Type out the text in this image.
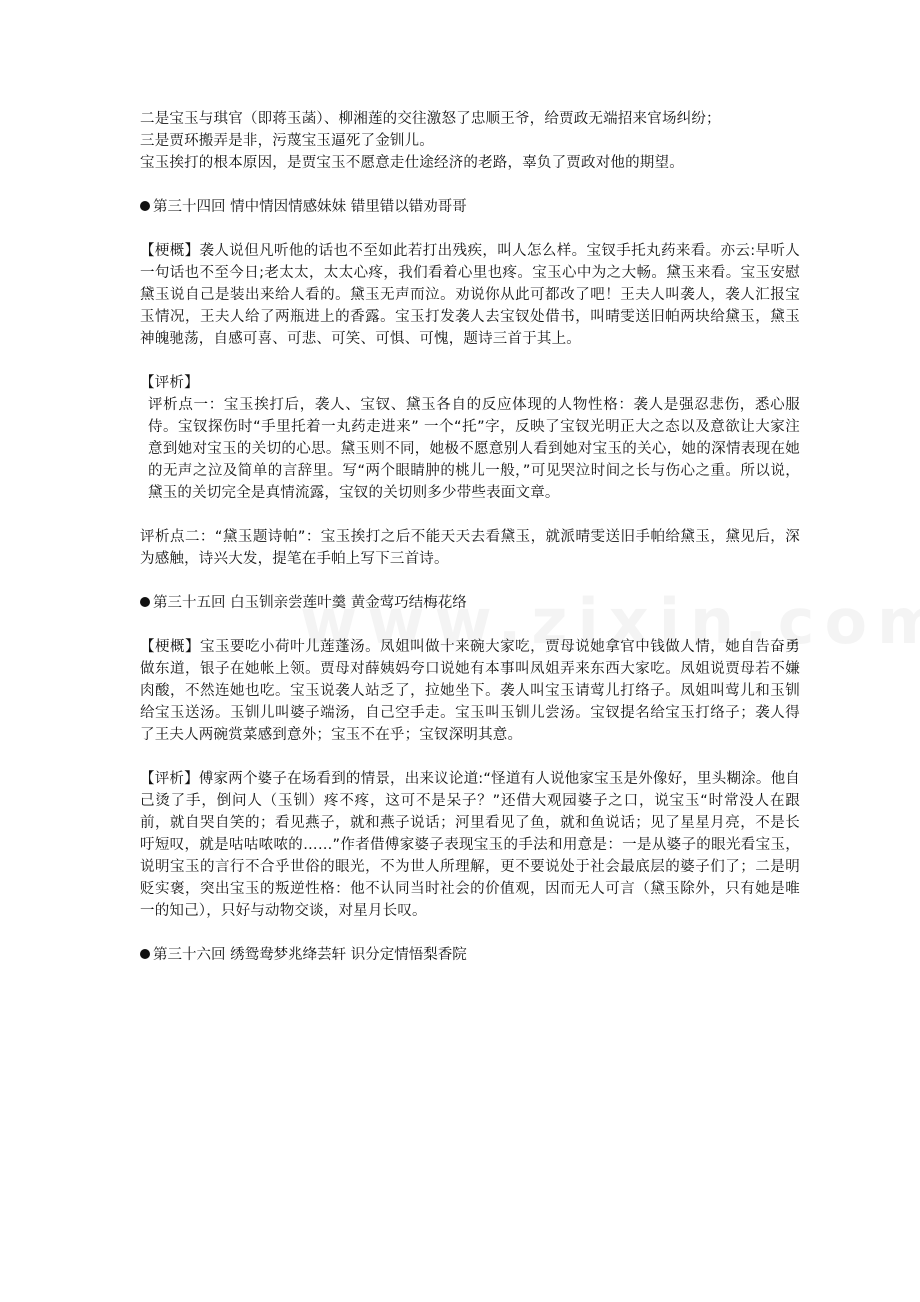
二是宝玉与琪官（即蒋玉菡）、柳湘莲的交往激怒了忠顺王爷，给贾政无端招来官场纠纷；

三是贾环搬弄是非，污蔑宝玉逼死了金钏儿。

宝玉挨打的根本原因，是贾宝玉不愿意走仕途经济的老路，辜负了贾政对他的期望。

第三十四回 情中情因情感妹妹 错里错以错劝哥哥

【梗概】袭人说但凡听他的话也不至如此若打出残疾，叫人怎么样。宝钗手托丸药来看。亦云:早听人一句话也不至今日;老太太，太太心疼，我们看着心里也疼。宝玉心中为之大畅。黛玉来看。宝玉安慰黛玉说自己是装出来给人看的。黛玉无声而泣。劝说你从此可都改了吧！王夫人叫袭人，袭人汇报宝玉情况，王夫人给了两瓶进上的香露。宝玉打发袭人去宝钗处借书，叫晴雯送旧帕两块给黛玉，黛玉神魄驰荡，自感可喜、可悲、可笑、可惧、可愧，题诗三首于其上。

【评析】

评析点一：宝玉挨打后，袭人、宝钗、黛玉各自的反应体现的人物性格：袭人是强忍悲伤，悉心服侍。宝钗探伤时“手里托着一丸药走进来” 一个“托”字，反映了宝钗光明正大之态以及意欲让大家注意到她对宝玉的关切的心思。黛玉则不同，她极不愿意别人看到她对宝玉的关心，她的深情表现在她的无声之泣及简单的言辞里。写“两个眼睛肿的桃儿一般，”可见哭泣时间之长与伤心之重。所以说，黛玉的关切完全是真情流露，宝钗的关切则多少带些表面文章。

评析点二：“黛玉题诗帕”：宝玉挨打之后不能天天去看黛玉，就派晴雯送旧手帕给黛玉，黛见后，深为感触，诗兴大发，提笔在手帕上写下三首诗。

第三十五回 白玉钏亲尝莲叶羹 黄金莺巧结梅花络

【梗概】宝玉要吃小荷叶儿莲蓬汤。凤姐叫做十来碗大家吃，贾母说她拿官中钱做人情，她自告奋勇做东道，银子在她帐上领。贾母对薛姨妈夸口说她有本事叫凤姐弄来东西大家吃。凤姐说贾母若不嫌肉酸，不然连她也吃。宝玉说袭人站乏了，拉她坐下。袭人叫宝玉请莺儿打络子。凤姐叫莺儿和玉钏给宝玉送汤。玉钏儿叫婆子端汤，自己空手走。宝玉叫玉钏儿尝汤。宝钗提名给宝玉打络子；袭人得了王夫人两碗赏菜感到意外；宝玉不在乎；宝钗深明其意。

【评析】傅家两个婆子在场看到的情景，出来议论道:“怪道有人说他家宝玉是外像好，里头糊涂。他自己烫了手，倒问人（玉钏）疼不疼，这可不是呆子？”还借大观园婆子之口，说宝玉“时常没人在跟前，就自哭自笑的；看见燕子，就和燕子说话；河里看见了鱼，就和鱼说话；见了星星月亮，不是长吁短叹，就是咕咕哝哝的……”作者借傅家婆子表现宝玉的手法和用意是：一是从婆子的眼光看宝玉，说明宝玉的言行不合乎世俗的眼光，不为世人所理解，更不要说处于社会最底层的婆子们了；二是明贬实褒，突出宝玉的叛逆性格：他不认同当时社会的价值观，因而无人可言（黛玉除外，只有她是唯一的知己），只好与动物交谈，对星月长叹。

第三十六回 绣鸳鸯梦兆绛芸轩 识分定情悟梨香院
